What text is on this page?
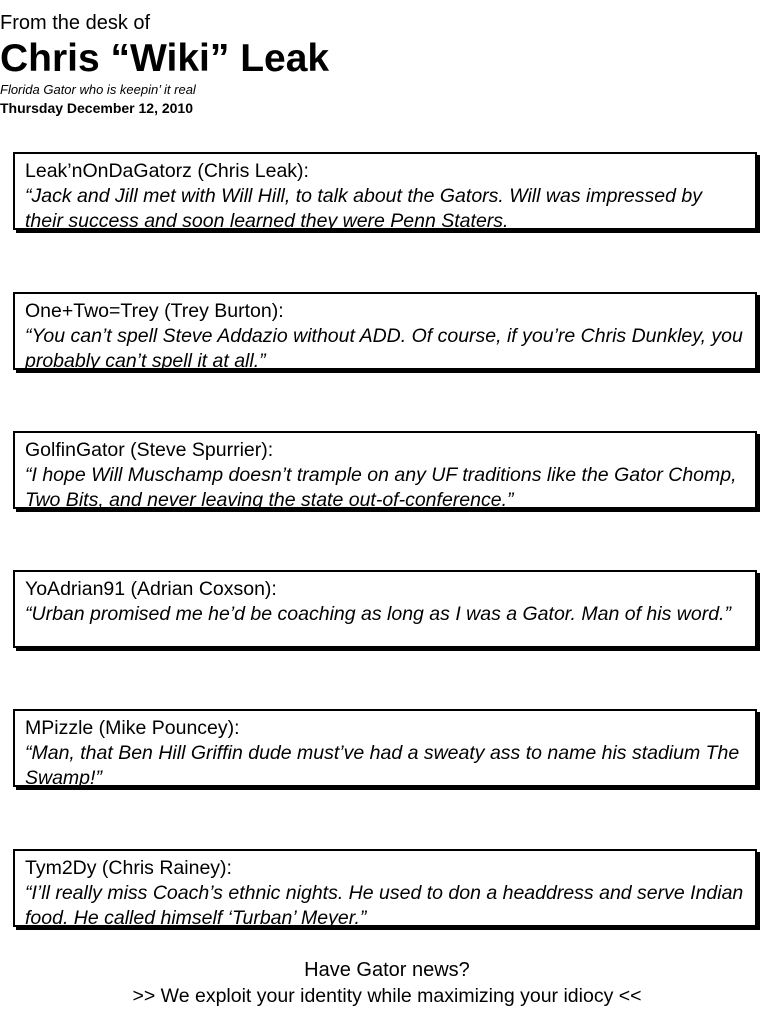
From the desk of
Chris “Wiki” Leak
Florida Gator who is keepin’ it real
Thursday December 12, 2010
Leak’nOnDaGatorz (Chris Leak):
“Jack and Jill met with Will Hill, to talk about the Gators. Will was impressed by their success and soon learned they were Penn Staters.
One+Two=Trey (Trey Burton):
“You can’t spell Steve Addazio without ADD. Of course, if you’re Chris Dunkley, you probably can’t spell it at all.”
GolfinGator (Steve Spurrier):
“I hope Will Muschamp doesn’t trample on any UF traditions like the Gator Chomp, Two Bits, and never leaving the state out-of-conference.”
YoAdrian91 (Adrian Coxson):
“Urban promised me he’d be coaching as long as I was a Gator. Man of his word.”
MPizzle (Mike Pouncey):
“Man, that Ben Hill Griffin dude must’ve had a sweaty ass to name his stadium The Swamp!”
Tym2Dy (Chris Rainey):
“I’ll really miss Coach’s ethnic nights. He used to don a headdress and serve Indian food. He called himself ‘Turban’ Meyer.”
Have Gator news?
>> We exploit your identity while maximizing your idiocy <<
